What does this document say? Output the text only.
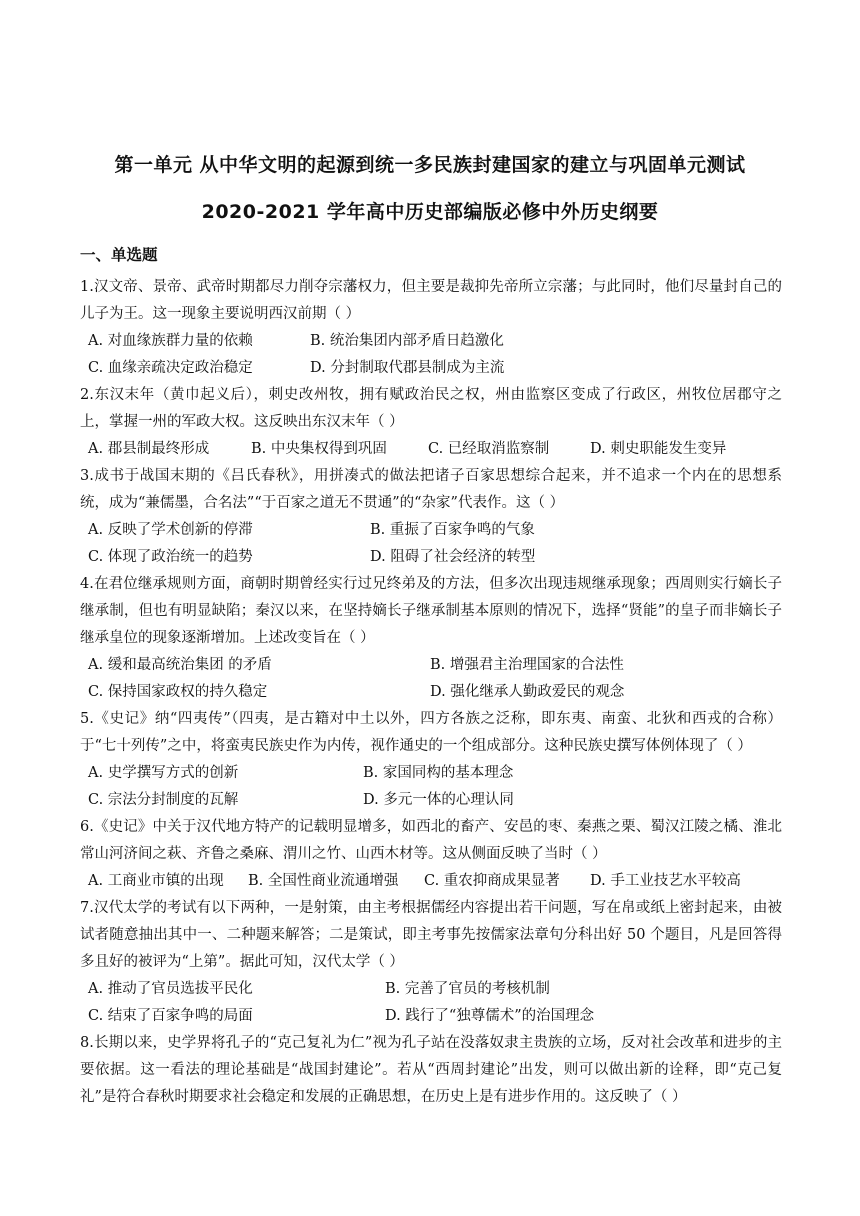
第一单元 从中华文明的起源到统一多民族封建国家的建立与巩固单元测试
2020-2021 学年高中历史部编版必修中外历史纲要
一、单选题
1.汉文帝、景帝、武帝时期都尽力削夺宗藩权力，但主要是裁抑先帝所立宗藩；与此同时，他们尽量封自己的儿子为王。这一现象主要说明西汉前期（ ）
A. 对血缘族群力量的依赖	B. 统治集团内部矛盾日趋激化
C. 血缘亲疏决定政治稳定	D. 分封制取代郡县制成为主流
2.东汉末年（黄巾起义后），刺史改州牧，拥有赋政治民之权，州由监察区变成了行政区，州牧位居郡守之上，掌握一州的军政大权。这反映出东汉末年（ ）
A. 郡县制最终形成	B. 中央集权得到巩固	C. 已经取消监察制	D. 刺史职能发生变异
3.成书于战国末期的《吕氏春秋》，用拼凑式的做法把诸子百家思想综合起来，并不追求一个内在的思想系统，成为“兼儒墨，合名法”“于百家之道无不贯通”的“杂家”代表作。这（ ）
A. 反映了学术创新的停滞	B. 重振了百家争鸣的气象
C. 体现了政治统一的趋势	D. 阻碍了社会经济的转型
4.在君位继承规则方面，商朝时期曾经实行过兄终弟及的方法，但多次出现违规继承现象；西周则实行嫡长子继承制，但也有明显缺陷；秦汉以来，在坚持嫡长子继承制基本原则的情况下，选择“贤能”的皇子而非嫡长子继承皇位的现象逐渐增加。上述改变旨在（ ）
A. 缓和最高统治集团 的矛盾	B. 增强君主治理国家的合法性
C. 保持国家政权的持久稳定	D. 强化继承人勤政爱民的观念
5.《史记》纳“四夷传”（四夷，是古籍对中土以外，四方各族之泛称，即东夷、南蛮、北狄和西戎的合称）于“七十列传”之中，将蛮夷民族史作为内传，视作通史的一个组成部分。这种民族史撰写体例体现了（ ）
A. 史学撰写方式的创新	B. 家国同构的基本理念
C. 宗法分封制度的瓦解	D. 多元一体的心理认同
6.《史记》中关于汉代地方特产的记载明显增多，如西北的畜产、安邑的枣、秦燕之栗、蜀汉江陵之橘、淮北常山河济间之萩、齐鲁之桑麻、渭川之竹、山西木材等。这从侧面反映了当时（ ）
A. 工商业市镇的出现 B. 全国性商业流通增强 C. 重农抑商成果显著 D. 手工业技艺水平较高
7.汉代太学的考试有以下两种，一是射策，由主考根据儒经内容提出若干问题，写在帛或纸上密封起来，由被试者随意抽出其中一、二种题来解答；二是策试，即主考事先按儒家法章句分科出好 50 个题目，凡是回答得多且好的被评为“上第”。据此可知，汉代太学（ ）
A. 推动了官员选拔平民化	B. 完善了官员的考核机制
C. 结束了百家争鸣的局面	D. 践行了“独尊儒术”的治国理念
8.长期以来，史学界将孔子的“克己复礼为仁”视为孔子站在没落奴隶主贵族的立场，反对社会改革和进步的主要依据。这一看法的理论基础是“战国封建论”。若从“西周封建论”出发，则可以做出新的诠释，即“克己复礼”是符合春秋时期要求社会稳定和发展的正确思想，在历史上是有进步作用的。这反映了（ ）
